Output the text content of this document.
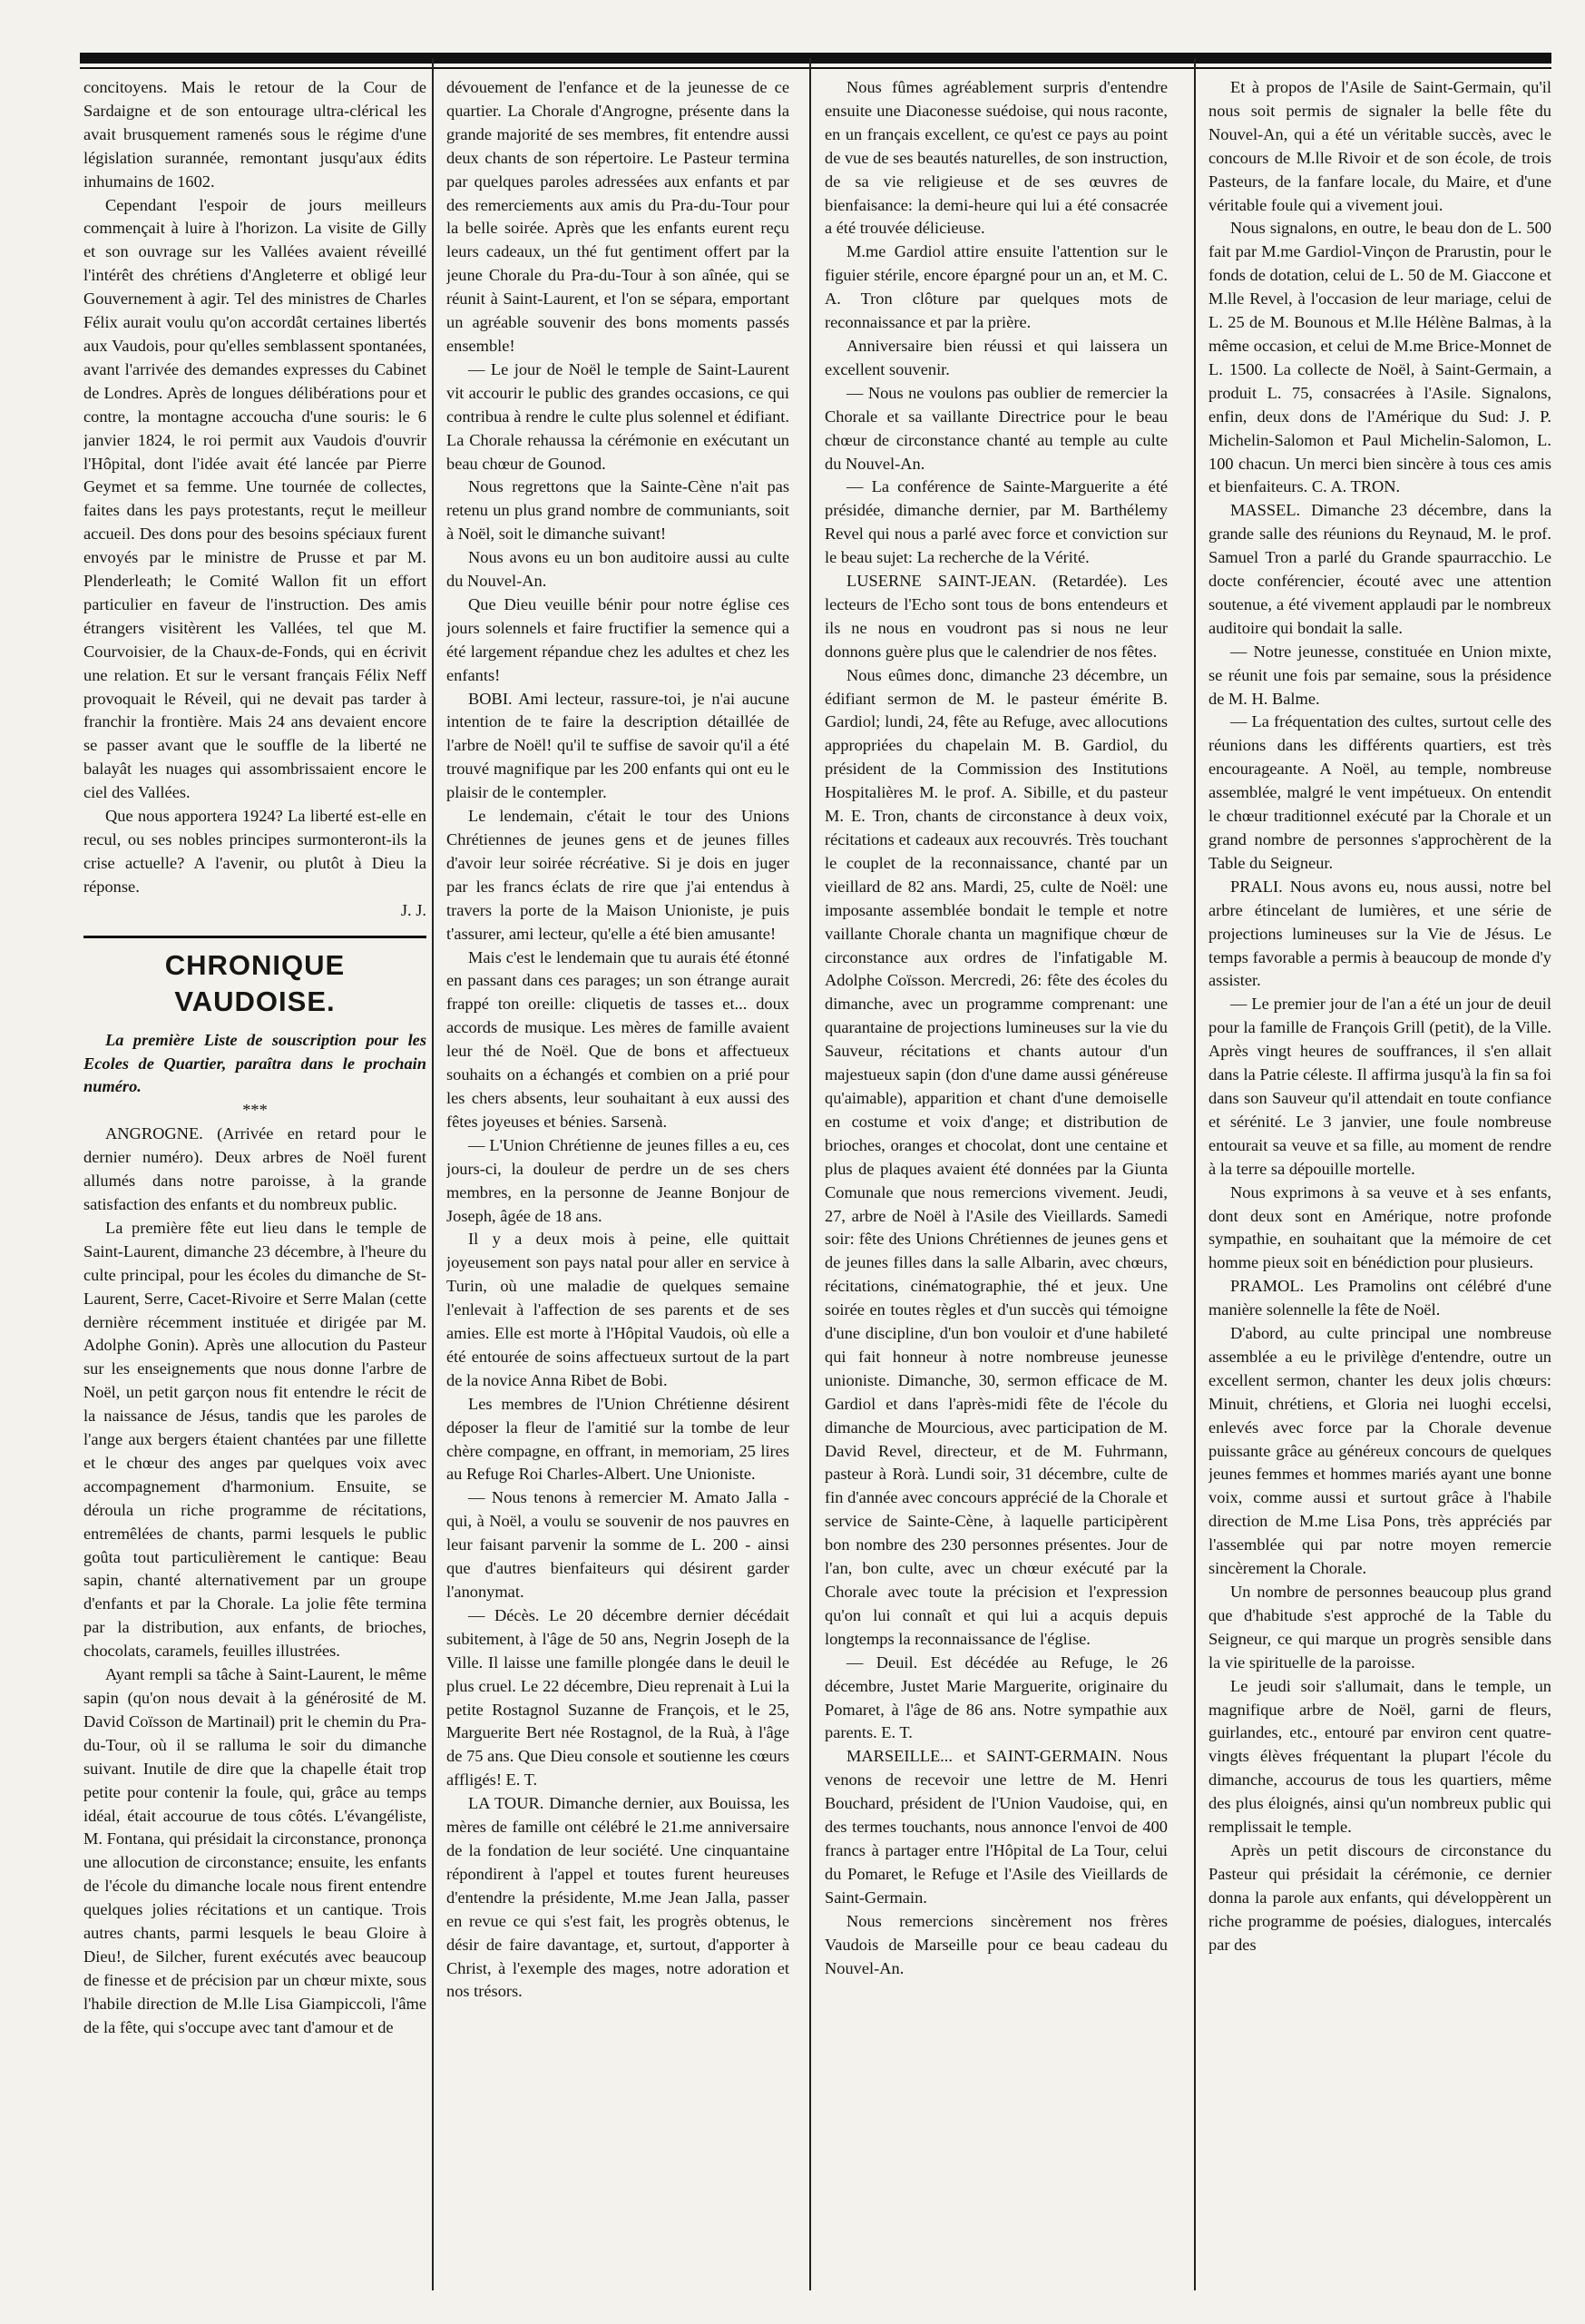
concitoyens. Mais le retour de la Cour de Sardaigne et de son entourage ultra-clérical les avait brusquement ramenés sous le régime d'une législation surannée, remontant jusqu'aux édits inhumains de 1602.

Cependant l'espoir de jours meilleurs commençait à luire à l'horizon. La visite de Gilly et son ouvrage sur les Vallées avaient réveillé l'intérêt des chrétiens d'Angleterre et obligé leur Gouvernement à agir. Tel des ministres de Charles Félix aurait voulu qu'on accordât certaines libertés aux Vaudois, pour qu'elles semblassent spontanées, avant l'arrivée des demandes expresses du Cabinet de Londres. Après de longues délibérations pour et contre, la montagne accoucha d'une souris: le 6 janvier 1824, le roi permit aux Vaudois d'ouvrir l'Hôpital, dont l'idée avait été lancée par Pierre Geymet et sa femme. Une tournée de collectes, faites dans les pays protestants, reçut le meilleur accueil. Des dons pour des besoins spéciaux furent envoyés par le ministre de Prusse et par M. Plenderleath; le Comité Wallon fit un effort particulier en faveur de l'instruction. Des amis étrangers visitèrent les Vallées, tel que M. Courvoisier, de la Chaux-de-Fonds, qui en écrivit une relation. Et sur le versant français Félix Neff provoquait le Réveil, qui ne devait pas tarder à franchir la frontière. Mais 24 ans devaient encore se passer avant que le souffle de la liberté ne balayât les nuages qui assombrissaient encore le ciel des Vallées.

Que nous apportera 1924? La liberté est-elle en recul, ou ses nobles principes surmonteront-ils la crise actuelle? A l'avenir, ou plutôt à Dieu la réponse.

J. J.

CHRONIQUE VAUDOISE.

La première Liste de souscription pour les Ecoles de Quartier, paraîtra dans le prochain numéro.

***

ANGROGNE. (Arrivée en retard pour le dernier numéro). Deux arbres de Noël furent allumés dans notre paroisse, à la grande satisfaction des enfants et du nombreux public.

La première fête eut lieu dans le temple de Saint-Laurent, dimanche 23 décembre, à l'heure du culte principal, pour les écoles du dimanche de St-Laurent, Serre, Cacet-Rivoire et Serre Malan (cette dernière récemment instituée et dirigée par M. Adolphe Gonin). Après une allocution du Pasteur sur les enseignements que nous donne l'arbre de Noël, un petit garçon nous fit entendre le récit de la naissance de Jésus, tandis que les paroles de l'ange aux bergers étaient chantées par une fillette et le chœur des anges par quelques voix avec accompagnement d'harmonium. Ensuite, se déroula un riche programme de récitations, entremêlées de chants, parmi lesquels le public goûta tout particulièrement le cantique: Beau sapin, chanté alternativement par un groupe d'enfants et par la Chorale. La jolie fête termina par la distribution, aux enfants, de brioches, chocolats, caramels, feuilles illustrées.

Ayant rempli sa tâche à Saint-Laurent, le même sapin (qu'on nous devait à la générosité de M. David Coïsson de Martinail) prit le chemin du Pra-du-Tour, où il se ralluma le soir du dimanche suivant. Inutile de dire que la chapelle était trop petite pour contenir la foule, qui, grâce au temps idéal, était accourue de tous côtés. L'évangéliste, M. Fontana, qui présidait la circonstance, prononça une allocution de circonstance; ensuite, les enfants de l'école du dimanche locale nous firent entendre quelques jolies récitations et un cantique. Trois autres chants, parmi lesquels le beau Gloire à Dieu!, de Silcher, furent exécutés avec beaucoup de finesse et de précision par un chœur mixte, sous l'habile direction de M.lle Lisa Giampiccoli, l'âme de la fête, qui s'occupe avec tant d'amour et de

dévouement de l'enfance et de la jeunesse de ce quartier. La Chorale d'Angrogne, présente dans la grande majorité de ses membres, fit entendre aussi deux chants de son répertoire. Le Pasteur termina par quelques paroles adressées aux enfants et par des remerciements aux amis du Pra-du-Tour pour la belle soirée. Après que les enfants eurent reçu leurs cadeaux, un thé fut gentiment offert par la jeune Chorale du Pra-du-Tour à son aînée, qui se réunit à Saint-Laurent, et l'on se sépara, emportant un agréable souvenir des bons moments passés ensemble!

— Le jour de Noël le temple de Saint-Laurent vit accourir le public des grandes occasions, ce qui contribua à rendre le culte plus solennel et édifiant. La Chorale rehaussa la cérémonie en exécutant un beau chœur de Gounod.

Nous regrettons que la Sainte-Cène n'ait pas retenu un plus grand nombre de communiants, soit à Noël, soit le dimanche suivant!

Nous avons eu un bon auditoire aussi au culte du Nouvel-An.

Que Dieu veuille bénir pour notre église ces jours solennels et faire fructifier la semence qui a été largement répandue chez les adultes et chez les enfants!

BOBI. Ami lecteur, rassure-toi, je n'ai aucune intention de te faire la description détaillée de l'arbre de Noël! qu'il te suffise de savoir qu'il a été trouvé magnifique par les 200 enfants qui ont eu le plaisir de le contempler.

Le lendemain, c'était le tour des Unions Chrétiennes de jeunes gens et de jeunes filles d'avoir leur soirée récréative. Si je dois en juger par les francs éclats de rire que j'ai entendus à travers la porte de la Maison Unioniste, je puis t'assurer, ami lecteur, qu'elle a été bien amusante!

Mais c'est le lendemain que tu aurais été étonné en passant dans ces parages; un son étrange aurait frappé ton oreille: cliquetis de tasses et... doux accords de musique. Les mères de famille avaient leur thé de Noël. Que de bons et affectueux souhaits on a échangés et combien on a prié pour les chers absents, leur souhaitant à eux aussi des fêtes joyeuses et bénies. Sarsenà.

— L'Union Chrétienne de jeunes filles a eu, ces jours-ci, la douleur de perdre un de ses chers membres, en la personne de Jeanne Bonjour de Joseph, âgée de 18 ans.

Il y a deux mois à peine, elle quittait joyeusement son pays natal pour aller en service à Turin, où une maladie de quelques semaine l'enlevait à l'affection de ses parents et de ses amies. Elle est morte à l'Hôpital Vaudois, où elle a été entourée de soins affectueux surtout de la part de la novice Anna Ribet de Bobi.

Les membres de l'Union Chrétienne désirent déposer la fleur de l'amitié sur la tombe de leur chère compagne, en offrant, in memoriam, 25 lires au Refuge Roi Charles-Albert. Une Unioniste.

— Nous tenons à remercier M. Amato Jalla - qui, à Noël, a voulu se souvenir de nos pauvres en leur faisant parvenir la somme de L. 200 - ainsi que d'autres bienfaiteurs qui désirent garder l'anonymat.

— Décès. Le 20 décembre dernier décédait subitement, à l'âge de 50 ans, Negrin Joseph de la Ville. Il laisse une famille plongée dans le deuil le plus cruel. Le 22 décembre, Dieu reprenait à Lui la petite Rostagnol Suzanne de François, et le 25, Marguerite Bert née Rostagnol, de la Ruà, à l'âge de 75 ans. Que Dieu console et soutienne les cœurs affligés! E. T.

LA TOUR. Dimanche dernier, aux Bouissa, les mères de famille ont célébré le 21.me anniversaire de la fondation de leur société. Une cinquantaine répondirent à l'appel et toutes furent heureuses d'entendre la présidente, M.me Jean Jalla, passer en revue ce qui s'est fait, les progrès obtenus, le désir de faire davantage, et, surtout, d'apporter à Christ, à l'exemple des mages, notre adoration et nos trésors.

Nous fûmes agréablement surpris d'entendre ensuite une Diaconesse suédoise, qui nous raconte, en un français excellent, ce qu'est ce pays au point de vue de ses beautés naturelles, de son instruction, de sa vie religieuse et de ses œuvres de bienfaisance: la demi-heure qui lui a été consacrée a été trouvée délicieuse.

M.me Gardiol attire ensuite l'attention sur le figuier stérile, encore épargné pour un an, et M. C. A. Tron clôture par quelques mots de reconnaissance et par la prière.

Anniversaire bien réussi et qui laissera un excellent souvenir.

— Nous ne voulons pas oublier de remercier la Chorale et sa vaillante Directrice pour le beau chœur de circonstance chanté au temple au culte du Nouvel-An.

— La conférence de Sainte-Marguerite a été présidée, dimanche dernier, par M. Barthélemy Revel qui nous a parlé avec force et conviction sur le beau sujet: La recherche de la Vérité.

LUSERNE SAINT-JEAN. (Retardée). Les lecteurs de l'Echo sont tous de bons entendeurs et ils ne nous en voudront pas si nous ne leur donnons guère plus que le calendrier de nos fêtes.

Nous eûmes donc, dimanche 23 décembre, un édifiant sermon de M. le pasteur émérite B. Gardiol; lundi, 24, fête au Refuge, avec allocutions appropriées du chapelain M. B. Gardiol, du président de la Commission des Institutions Hospitalières M. le prof. A. Sibille, et du pasteur M. E. Tron, chants de circonstance à deux voix, récitations et cadeaux aux recouvrés. Très touchant le couplet de la reconnaissance, chanté par un vieillard de 82 ans. Mardi, 25, culte de Noël: une imposante assemblée bondait le temple et notre vaillante Chorale chanta un magnifique chœur de circonstance aux ordres de l'infatigable M. Adolphe Coïsson. Mercredi, 26: fête des écoles du dimanche, avec un programme comprenant: une quarantaine de projections lumineuses sur la vie du Sauveur, récitations et chants autour d'un majestueux sapin (don d'une dame aussi généreuse qu'aimable), apparition et chant d'une demoiselle en costume et voix d'ange; et distribution de brioches, oranges et chocolat, dont une centaine et plus de plaques avaient été données par la Giunta Comunale que nous remercions vivement. Jeudi, 27, arbre de Noël à l'Asile des Vieillards. Samedi soir: fête des Unions Chrétiennes de jeunes gens et de jeunes filles dans la salle Albarin, avec chœurs, récitations, cinématographie, thé et jeux. Une soirée en toutes règles et d'un succès qui témoigne d'une discipline, d'un bon vouloir et d'une habileté qui fait honneur à notre nombreuse jeunesse unioniste. Dimanche, 30, sermon efficace de M. Gardiol et dans l'après-midi fête de l'école du dimanche de Mourcious, avec participation de M. David Revel, directeur, et de M. Fuhrmann, pasteur à Rorà. Lundi soir, 31 décembre, culte de fin d'année avec concours apprécié de la Chorale et service de Sainte-Cène, à laquelle participèrent bon nombre des 230 personnes présentes. Jour de l'an, bon culte, avec un chœur exécuté par la Chorale avec toute la précision et l'expression qu'on lui connaît et qui lui a acquis depuis longtemps la reconnaissance de l'église.

— Deuil. Est décédée au Refuge, le 26 décembre, Justet Marie Marguerite, originaire du Pomaret, à l'âge de 86 ans. Notre sympathie aux parents. E. T.

MARSEILLE... et SAINT-GERMAIN. Nous venons de recevoir une lettre de M. Henri Bouchard, président de l'Union Vaudoise, qui, en des termes touchants, nous annonce l'envoi de 400 francs à partager entre l'Hôpital de La Tour, celui du Pomaret, le Refuge et l'Asile des Vieillards de Saint-Germain.

Nous remercions sincèrement nos frères Vaudois de Marseille pour ce beau cadeau du Nouvel-An.

Et à propos de l'Asile de Saint-Germain, qu'il nous soit permis de signaler la belle fête du Nouvel-An, qui a été un véritable succès, avec le concours de M.lle Rivoir et de son école, de trois Pasteurs, de la fanfare locale, du Maire, et d'une véritable foule qui a vivement joui.

Nous signalons, en outre, le beau don de L. 500 fait par M.me Gardiol-Vinçon de Prarustin, pour le fonds de dotation, celui de L. 50 de M. Giaccone et M.lle Revel, à l'occasion de leur mariage, celui de L. 25 de M. Bounous et M.lle Hélène Balmas, à la même occasion, et celui de M.me Brice-Monnet de L. 1500. La collecte de Noël, à Saint-Germain, a produit L. 75, consacrées à l'Asile. Signalons, enfin, deux dons de l'Amérique du Sud: J. P. Michelin-Salomon et Paul Michelin-Salomon, L. 100 chacun. Un merci bien sincère à tous ces amis et bienfaiteurs. C. A. TRON.

MASSEL. Dimanche 23 décembre, dans la grande salle des réunions du Reynaud, M. le prof. Samuel Tron a parlé du Grande spaurracchio. Le docte conférencier, écouté avec une attention soutenue, a été vivement applaudi par le nombreux auditoire qui bondait la salle.

— Notre jeunesse, constituée en Union mixte, se réunit une fois par semaine, sous la présidence de M. H. Balme.

— La fréquentation des cultes, surtout celle des réunions dans les différents quartiers, est très encourageante. A Noël, au temple, nombreuse assemblée, malgré le vent impétueux. On entendit le chœur traditionnel exécuté par la Chorale et un grand nombre de personnes s'approchèrent de la Table du Seigneur.

PRALI. Nous avons eu, nous aussi, notre bel arbre étincelant de lumières, et une série de projections lumineuses sur la Vie de Jésus. Le temps favorable a permis à beaucoup de monde d'y assister.

— Le premier jour de l'an a été un jour de deuil pour la famille de François Grill (petit), de la Ville. Après vingt heures de souffrances, il s'en allait dans la Patrie céleste. Il affirma jusqu'à la fin sa foi dans son Sauveur qu'il attendait en toute confiance et sérénité. Le 3 janvier, une foule nombreuse entourait sa veuve et sa fille, au moment de rendre à la terre sa dépouille mortelle.

Nous exprimons à sa veuve et à ses enfants, dont deux sont en Amérique, notre profonde sympathie, en souhaitant que la mémoire de cet homme pieux soit en bénédiction pour plusieurs.

PRAMOL. Les Pramolins ont célébré d'une manière solennelle la fête de Noël.

D'abord, au culte principal une nombreuse assemblée a eu le privilège d'entendre, outre un excellent sermon, chanter les deux jolis chœurs: Minuit, chrétiens, et Gloria nei luoghi eccelsi, enlevés avec force par la Chorale devenue puissante grâce au généreux concours de quelques jeunes femmes et hommes mariés ayant une bonne voix, comme aussi et surtout grâce à l'habile direction de M.me Lisa Pons, très appréciés par l'assemblée qui par notre moyen remercie sincèrement la Chorale.

Un nombre de personnes beaucoup plus grand que d'habitude s'est approché de la Table du Seigneur, ce qui marque un progrès sensible dans la vie spirituelle de la paroisse.

Le jeudi soir s'allumait, dans le temple, un magnifique arbre de Noël, garni de fleurs, guirlandes, etc., entouré par environ cent quatre-vingts élèves fréquentant la plupart l'école du dimanche, accourus de tous les quartiers, même des plus éloignés, ainsi qu'un nombreux public qui remplissait le temple.

Après un petit discours de circonstance du Pasteur qui présidait la cérémonie, ce dernier donna la parole aux enfants, qui développèrent un riche programme de poésies, dialogues, intercalés par des
